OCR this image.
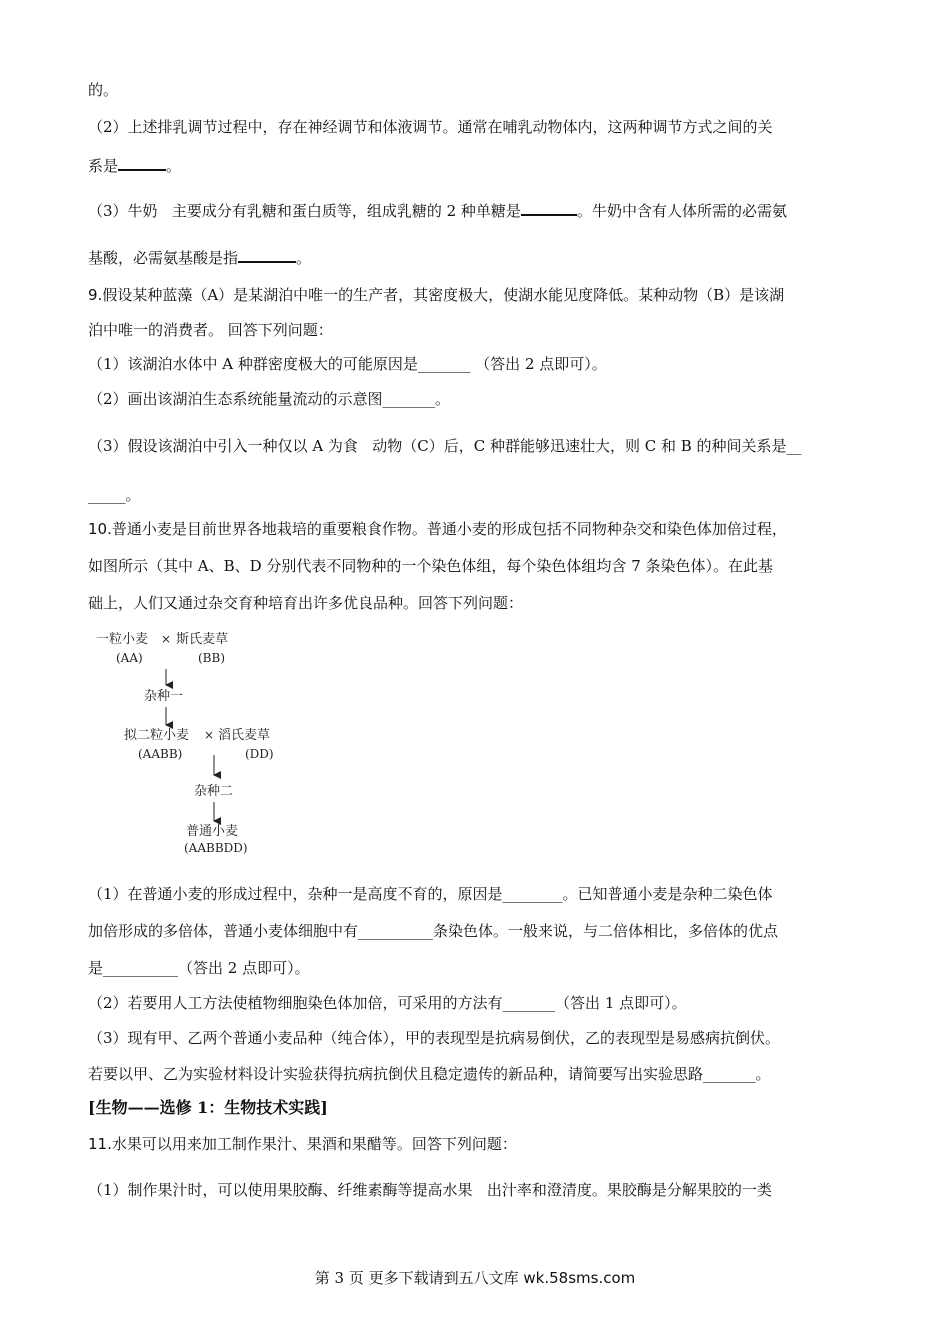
的。
（2）上述排乳调节过程中，存在神经调节和体液调节。通常在哺乳动物体内，这两种调节方式之间的关
系是	。
（3）牛奶   主要成分有乳糖和蛋白质等，组成乳糖的 2 种单糖是	。牛奶中含有人体所需的必需氨
基酸，必需氨基酸是指	。
9.假设某种蓝藻（A）是某湖泊中唯一的生产者，其密度极大，使湖水能见度降低。某种动物（B）是该湖
泊中唯一的消费者。 回答下列问题：
（1）该湖泊水体中 A 种群密度极大的可能原因是_______ （答出 2 点即可）。
（2）画出该湖泊生态系统能量流动的示意图_______。
（3）假设该湖泊中引入一种仅以 A 为食   动物（C）后，C 种群能够迅速壮大，则 C 和 B 的种间关系是__
_____。
10.普通小麦是目前世界各地栽培的重要粮食作物。普通小麦的形成包括不同物种杂交和染色体加倍过程，
如图所示（其中 A、B、D 分别代表不同物种的一个染色体组，每个染色体组均含 7 条染色体）。在此基
础上，人们又通过杂交育种培育出许多优良品种。回答下列问题：
一粒小麦 × 斯氏麦草
(AA)	(BB)
杂种一
拟二粒小麦 × 滔氏麦草
(AABB)	(DD)
杂种二
普通小麦
(AABBDD)
（1）在普通小麦的形成过程中，杂种一是高度不育的，原因是________。已知普通小麦是杂种二染色体
加倍形成的多倍体，普通小麦体细胞中有__________条染色体。一般来说，与二倍体相比，多倍体的优点
是__________（答出 2 点即可）。
（2）若要用人工方法使植物细胞染色体加倍，可采用的方法有_______（答出 1 点即可）。
（3）现有甲、乙两个普通小麦品种（纯合体），甲的表现型是抗病易倒伏，乙的表现型是易感病抗倒伏。
若要以甲、乙为实验材料设计实验获得抗病抗倒伏且稳定遗传的新品种，请简要写出实验思路_______。
[生物——选修 1：生物技术实践]
11.水果可以用来加工制作果汁、果酒和果醋等。回答下列问题：
（1）制作果汁时，可以使用果胶酶、纤维素酶等提高水果   出汁率和澄清度。果胶酶是分解果胶的一类
第 3 页 更多下载请到五八文库 wk.58sms.com
